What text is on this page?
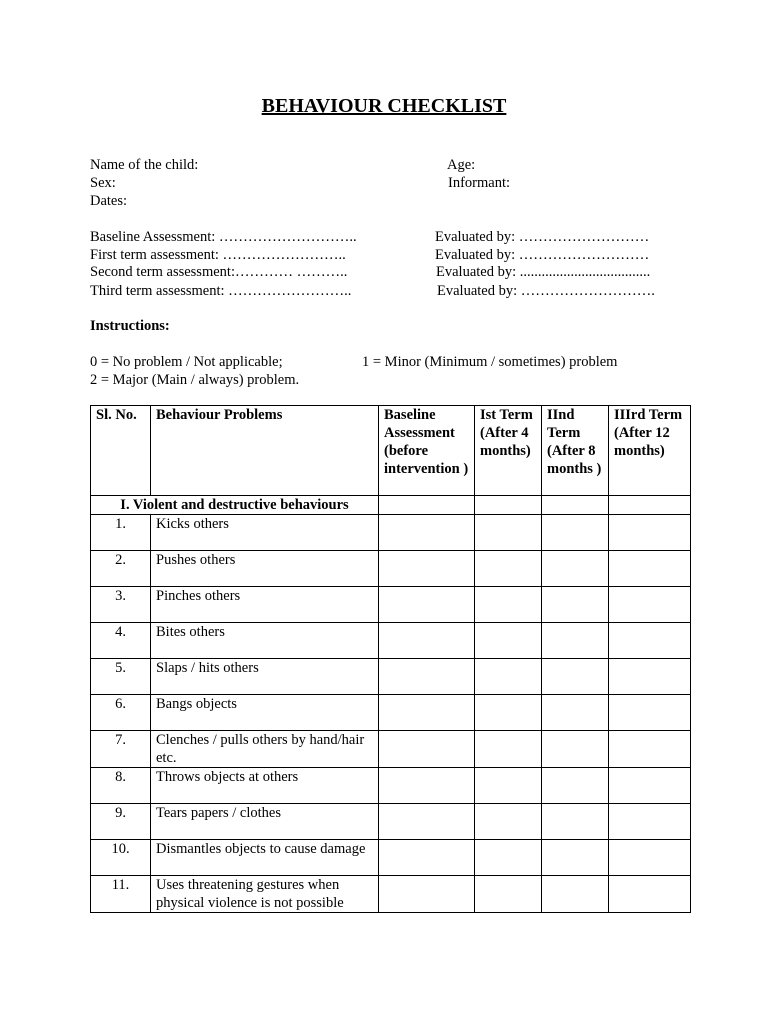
BEHAVIOUR CHECKLIST
Name of the child:	Age:
Sex:	Informant:
Dates:
Baseline Assessment: ………………………..	Evaluated by: ………………………
First term assessment: ……………………..	Evaluated by: ………………………
Second term assessment:………… ………..	Evaluated by: ....................................
Third term assessment: ……………………..	Evaluated by: ……………………….
Instructions:
0 = No problem / Not applicable;	1 = Minor (Minimum / sometimes) problem
2 = Major (Main / always) problem.
Sl. No.	Behaviour Problems	Baseline Assessment (before intervention )	Ist Term (After 4 months)	IInd Term (After 8 months )	IIIrd Term (After 12 months)
I. Violent and destructive behaviours					
1.	Kicks others				
2.	Pushes others				
3.	Pinches others				
4.	Bites others				
5.	Slaps / hits others				
6.	Bangs objects				
7.	Clenches / pulls others by hand/hair etc.				
8.	Throws objects at others				
9.	Tears papers / clothes				
10.	Dismantles objects to cause damage				
11.	Uses threatening gestures when physical violence is not possible				
